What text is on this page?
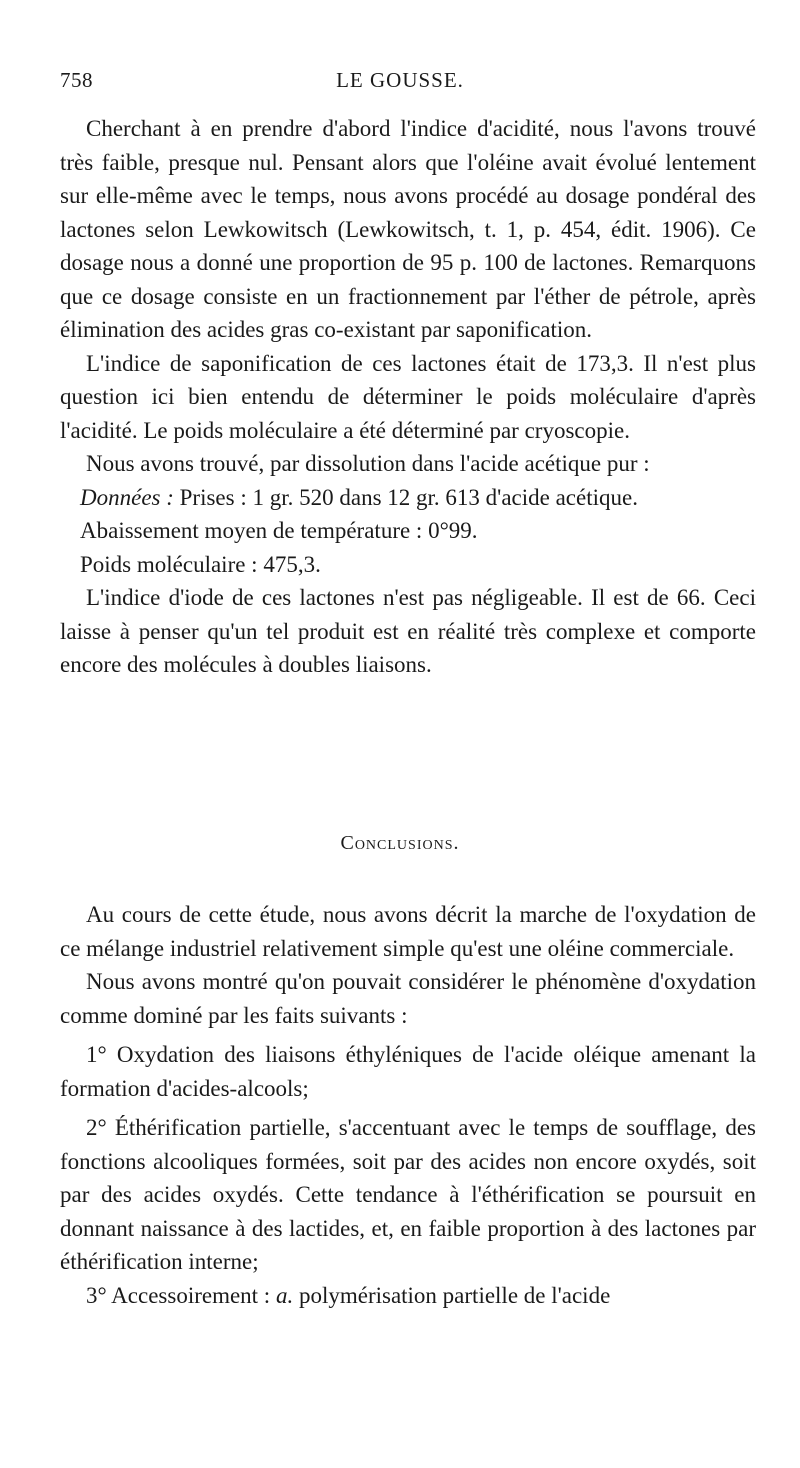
758	LE GOUSSE.

Cherchant à en prendre d'abord l'indice d'acidité, nous l'avons trouvé très faible, presque nul. Pensant alors que l'oléine avait évolué lentement sur elle-même avec le temps, nous avons procédé au dosage pondéral des lactones selon Lewkowitsch (Lewkowitsch, t. 1, p. 454, édit. 1906). Ce dosage nous a donné une proportion de 95 p. 100 de lactones. Remarquons que ce dosage consiste en un fractionnement par l'éther de pétrole, après élimination des acides gras co-existant par saponification.

L'indice de saponification de ces lactones était de 173,3. Il n'est plus question ici bien entendu de déterminer le poids moléculaire d'après l'acidité. Le poids moléculaire a été déterminé par cryoscopie.

Nous avons trouvé, par dissolution dans l'acide acétique pur :

Données : Prises : 1 gr. 520 dans 12 gr. 613 d'acide acétique.

Abaissement moyen de température : 0°99.

Poids moléculaire : 475,3.

L'indice d'iode de ces lactones n'est pas négligeable. Il est de 66. Ceci laisse à penser qu'un tel produit est en réalité très complexe et comporte encore des molécules à doubles liaisons.

Conclusions.

Au cours de cette étude, nous avons décrit la marche de l'oxydation de ce mélange industriel relativement simple qu'est une oléine commerciale.

Nous avons montré qu'on pouvait considérer le phénomène d'oxydation comme dominé par les faits suivants :

1° Oxydation des liaisons éthyléniques de l'acide oléique amenant la formation d'acides-alcools;

2° Éthérification partielle, s'accentuant avec le temps de soufflage, des fonctions alcooliques formées, soit par des acides non encore oxydés, soit par des acides oxydés. Cette tendance à l'éthérification se poursuit en donnant naissance à des lactides, et, en faible proportion à des lactones par éthérification interne;

3° Accessoirement : a. polymérisation partielle de l'acide
